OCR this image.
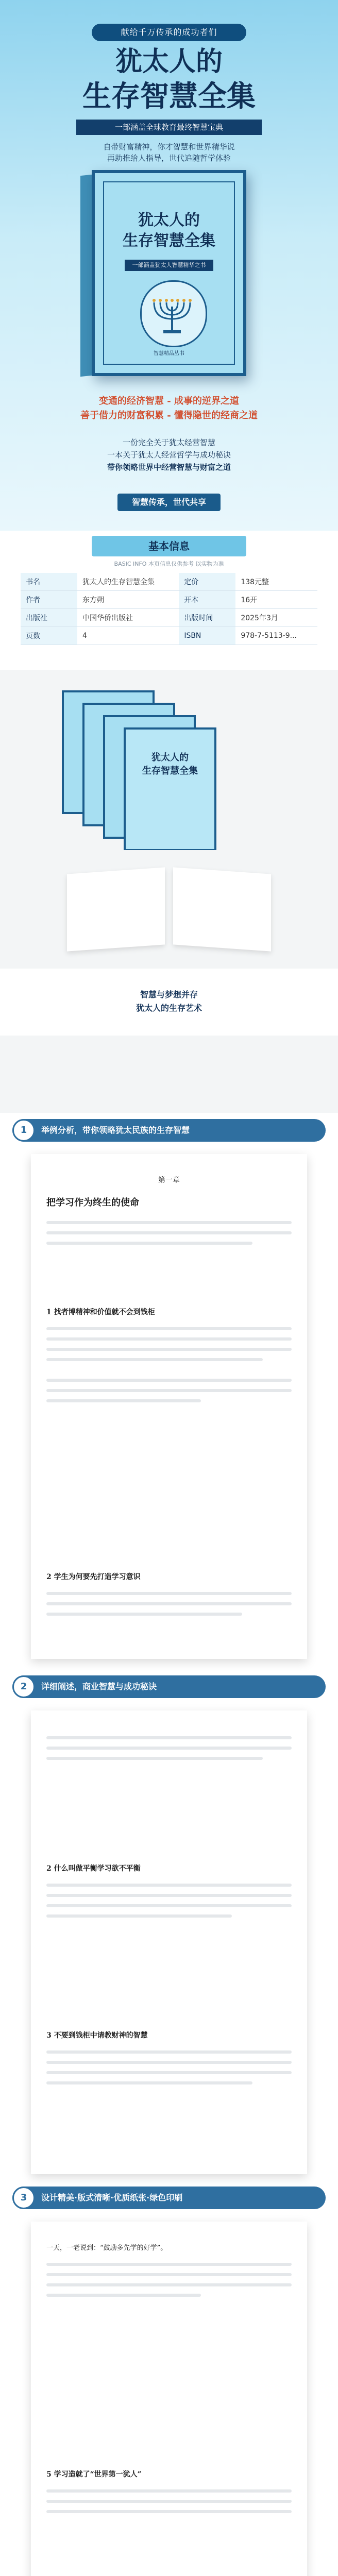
献给千万传承的成功者们
犹太人的
生存智慧全集
一部涵盖全球教育最终智慧宝典
自带财富精神，你才智慧和世界精华说
再助推给人指导，世代追随哲学体验
犹太人的
生存智慧全集
一部涵盖犹太人智慧精华之书
智慧精品丛书
变通的经济智慧 - 成事的逆界之道
善于借力的财富积累 - 懂得隐世的经商之道
一份完全关于犹太经营智慧
一本关于犹太人经营哲学与成功秘诀
带你领略世界中经营智慧与财富之道
智慧传承，世代共享
基本信息
BASIC INFO 本页信息仅供参考 以实物为准
书名	犹太人的生存智慧全集	定价	138元整
作者	东方朔	开本	16开
出版社	中国华侨出版社	出版时间	2025年3月
页数	4	ISBN	978-7-5113-9...
犹太人的
生存智慧全集
智慧与梦想并存
犹太人的生存艺术
1	举例分析，带你领略犹太民族的生存智慧
第一章
把学习作为终生的使命
1 找者博精神和价值就不会到钱柜
2 学生为何要先打造学习意识
2	详细阐述，商业智慧与成功秘诀
2 什么叫做平衡学习欲不平衡
3 不要到钱柜中请教财神的智慧
3	设计精美·版式清晰·优质纸张·绿色印刷
一天，一老说到：“鼓励多先学的好学”。
5 学习造就了“世界第一犹人”
